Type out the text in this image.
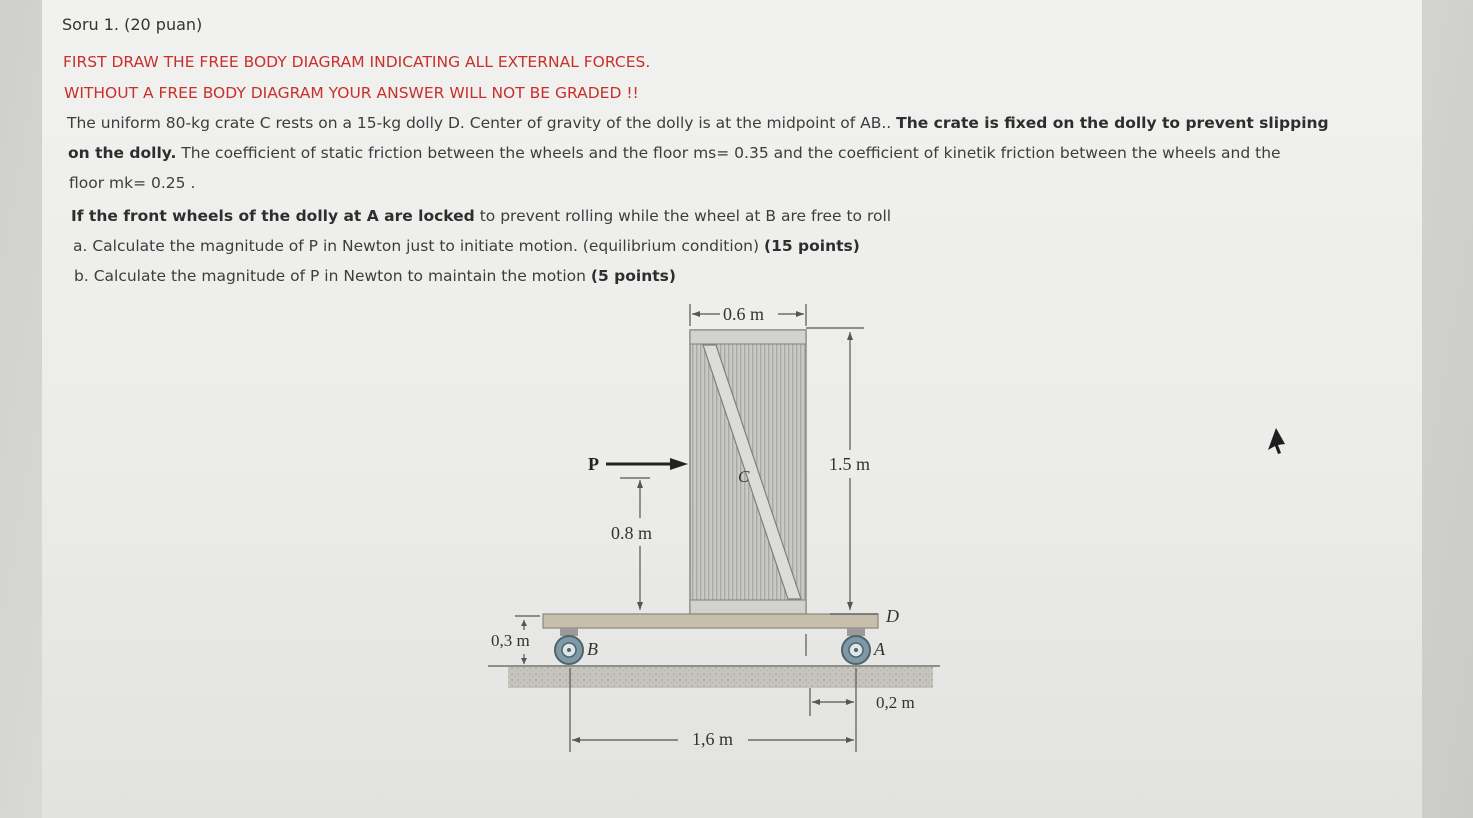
Soru 1. (20 puan)
FIRST DRAW THE FREE BODY DIAGRAM INDICATING ALL EXTERNAL FORCES.
WITHOUT A FREE BODY DIAGRAM YOUR ANSWER WILL NOT BE GRADED !!
The uniform 80-kg crate C rests on a 15-kg dolly D. Center of gravity of the dolly is at the midpoint of AB.. The crate is fixed on the dolly to prevent slipping
on the dolly. The coefficient of static friction between the wheels and the floor ms= 0.35 and the coefficient of kinetik friction between the wheels and the
floor mk= 0.25 .
If the front wheels of the dolly at A are locked to prevent rolling while the wheel at B are free to roll
a. Calculate the magnitude of P in Newton just to initiate motion. (equilibrium condition) (15 points)
b. Calculate the magnitude of P in Newton to maintain the motion (5 points)
0.6 m
1.5 m
P
0.8 m
C
D
A
B
0,3 m
0,2 m
1,6 m
